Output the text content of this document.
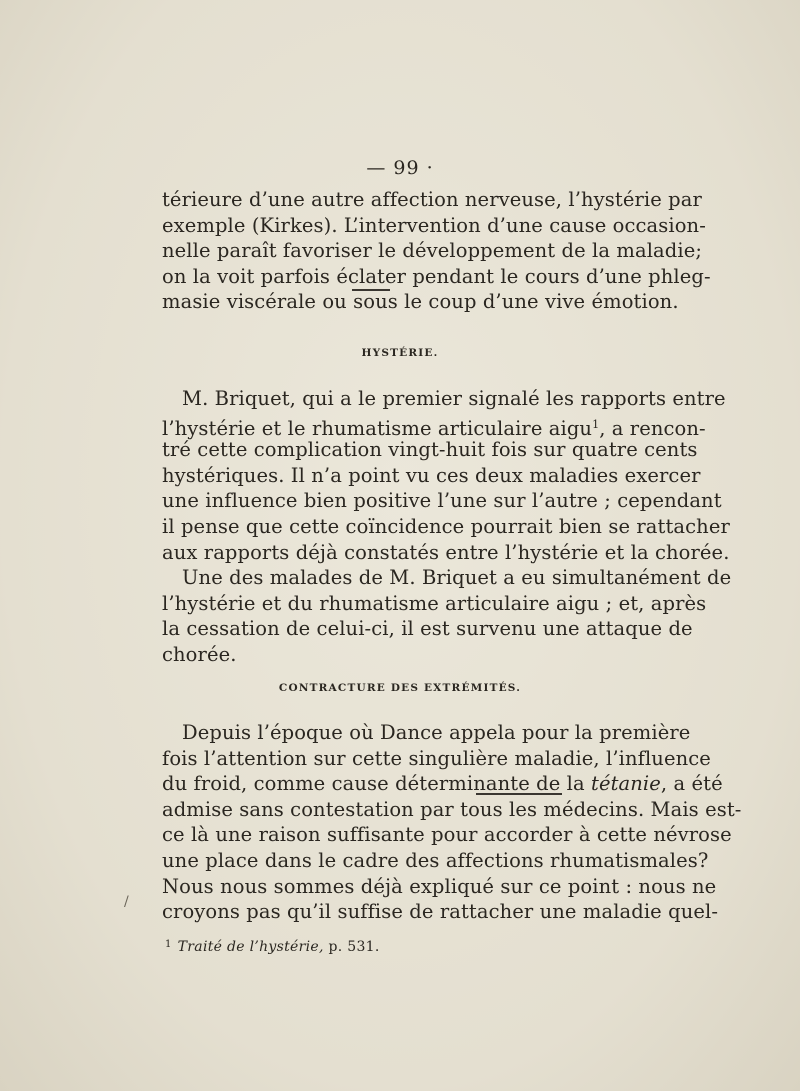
— 99 ·
térieure d’une autre affection nerveuse, l’hystérie par
exemple (Kirkes). L’intervention d’une cause occasion-
nelle paraît favoriser le développement de la maladie;
on la voit parfois éclater pendant le cours d’une phleg-
masie viscérale ou sous le coup d’une vive émotion.
HYSTÉRIE.
M. Briquet, qui a le premier signalé les rapports entre
l’hystérie et le rhumatisme articulaire aigu$^1$, a rencon-
tré cette complication vingt-huit fois sur quatre cents
hystériques. Il n’a point vu ces deux maladies exercer
une influence bien positive l’une sur l’autre ; cependant
il pense que cette coïncidence pourrait bien se rattacher
aux rapports déjà constatés entre l’hystérie et la chorée.
Une des malades de M. Briquet a eu simultanément de
l’hystérie et du rhumatisme articulaire aigu ; et, après
la cessation de celui-ci, il est survenu une attaque de
chorée.
CONTRACTURE DES EXTRÉMITÉS.
Depuis l’époque où Dance appela pour la première
fois l’attention sur cette singulière maladie, l’influence
du froid, comme cause déterminante de la tétanie, a été
admise sans contestation par tous les médecins. Mais est-
ce là une raison suffisante pour accorder à cette névrose
une place dans le cadre des affections rhumatismales?
Nous nous sommes déjà expliqué sur ce point : nous ne
croyons pas qu’il suffise de rattacher une maladie quel-
$^1$ Traité de l’hystérie, p. 531.
/
